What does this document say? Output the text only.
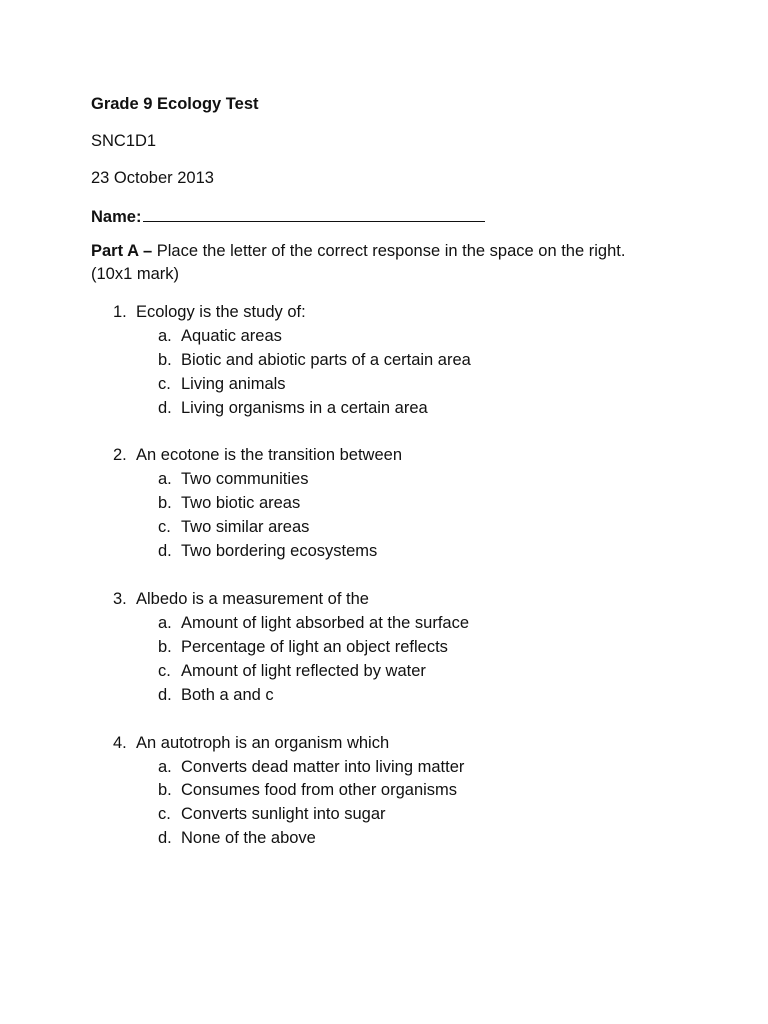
Grade 9 Ecology Test
SNC1D1
23 October 2013
Name:
Part A – Place the letter of the correct response in the space on the right.
(10x1 mark)
1. Ecology is the study of:
a. Aquatic areas
b. Biotic and abiotic parts of a certain area
c. Living animals
d. Living organisms in a certain area
2. An ecotone is the transition between
a. Two communities
b. Two biotic areas
c. Two similar areas
d. Two bordering ecosystems
3. Albedo is a measurement of the
a. Amount of light absorbed at the surface
b. Percentage of light an object reflects
c. Amount of light reflected by water
d. Both a and c
4. An autotroph is an organism which
a. Converts dead matter into living matter
b. Consumes food from other organisms
c. Converts sunlight into sugar
d. None of the above
